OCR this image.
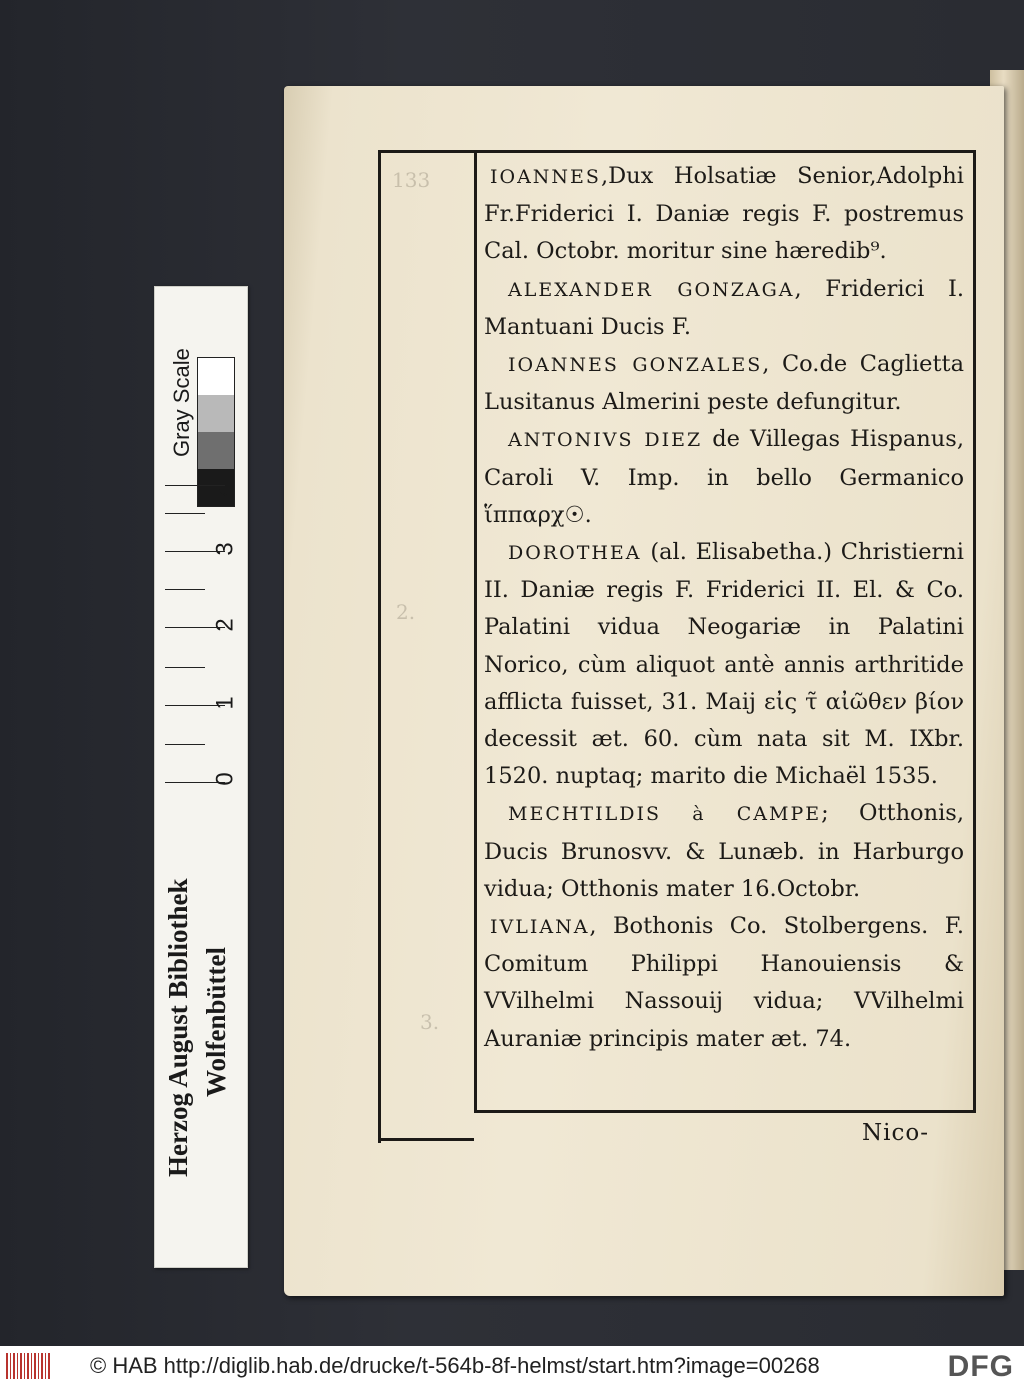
Gray Scale
0
1
2
3
4
Herzog August Bibliothek Wolfenbüttel
133
2.
3.

IOANNES,Dux Holsatiæ Senior,Adolphi Fr.Friderici I. Daniæ regis F. postremus Cal. Octobr. moritur sine hæredib⁹.

ALEXANDER GONZAGA, Friderici I. Mantuani Ducis F.

IOANNES GONZALES, Co.de Caglietta Lusitanus Almerini peste defungitur.

ANTONIVS DIEZ de Villegas Hispanus, Caroli V. Imp. in bello Germanico ἵππαρχ☉.

DOROTHEA (al. Elisabetha.) Christierni II. Daniæ regis F. Friderici II. El. & Co. Palatini vidua Neogariæ in Palatini Norico, cùm aliquot antè annis arthritide afflicta fuisset, 31. Maij εἰς τ̃ αἰῶθεν βίον decessit æt. 60. cùm nata sit M. IXbr. 1520. nuptaq; marito die Michaël 1535.

MECHTILDIS à CAMPE; Otthonis, Ducis Brunosvv. & Lunæb. in Harburgo vidua; Otthonis mater 16.Octobr.

IVLIANA, Bothonis Co. Stolbergens. F. Comitum Philippi Hanouiensis & VVilhelmi Nassouij vidua; VVilhelmi Auraniæ principis mater æt. 74.

Nico-
© HAB http://diglib.hab.de/drucke/t-564b-8f-helmst/start.htm?image=00268	DFG
